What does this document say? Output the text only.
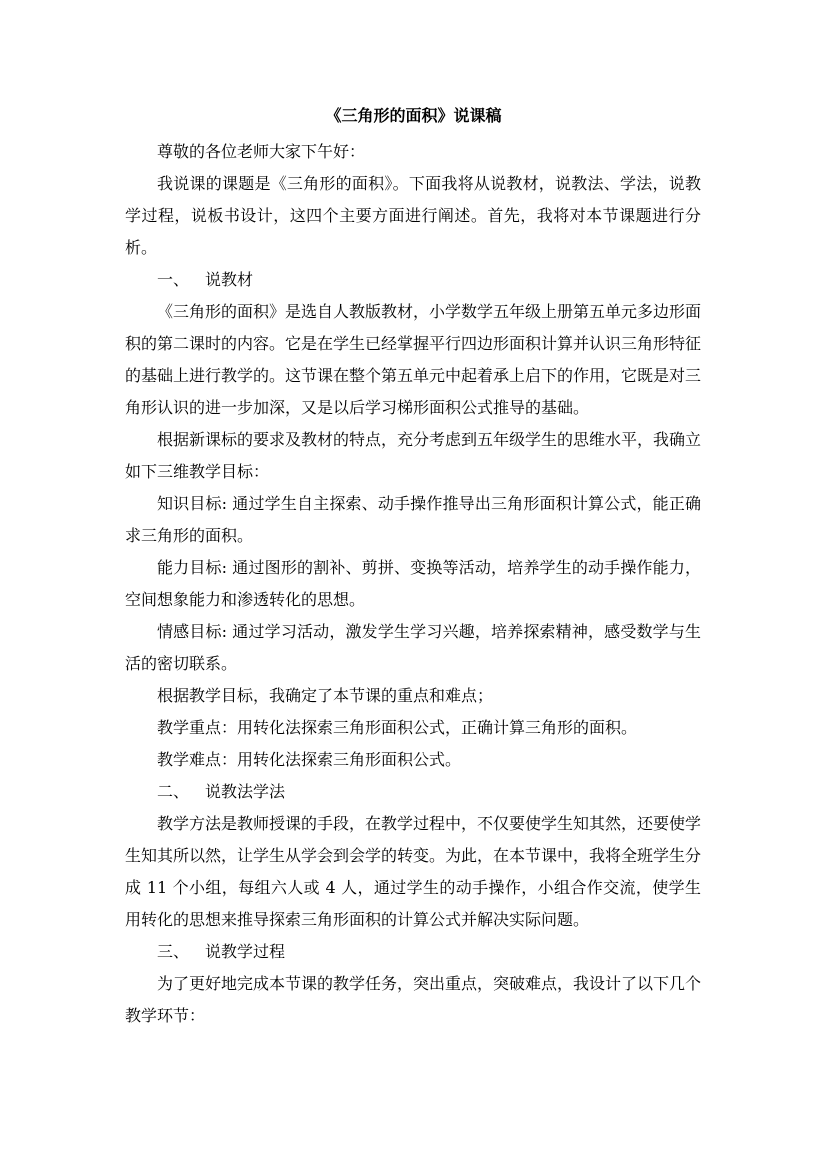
《三角形的面积》说课稿

尊敬的各位老师大家下午好：

我说课的课题是《三角形的面积》。下面我将从说教材，说教法、学法，说教学过程，说板书设计，这四个主要方面进行阐述。首先，我将对本节课题进行分析。

一、 说教材

《三角形的面积》是选自人教版教材，小学数学五年级上册第五单元多边形面积的第二课时的内容。它是在学生已经掌握平行四边形面积计算并认识三角形特征的基础上进行教学的。这节课在整个第五单元中起着承上启下的作用，它既是对三角形认识的进一步加深，又是以后学习梯形面积公式推导的基础。

根据新课标的要求及教材的特点，充分考虑到五年级学生的思维水平，我确立如下三维教学目标：

知识目标: 通过学生自主探索、动手操作推导出三角形面积计算公式，能正确求三角形的面积。

能力目标: 通过图形的割补、剪拼、变换等活动，培养学生的动手操作能力，空间想象能力和渗透转化的思想。

情感目标: 通过学习活动，激发学生学习兴趣，培养探索精神，感受数学与生活的密切联系。

根据教学目标，我确定了本节课的重点和难点；

教学重点：用转化法探索三角形面积公式，正确计算三角形的面积。

教学难点：用转化法探索三角形面积公式。

二、 说教法学法

教学方法是教师授课的手段，在教学过程中，不仅要使学生知其然，还要使学生知其所以然，让学生从学会到会学的转变。为此，在本节课中，我将全班学生分成 11 个小组，每组六人或 4 人，通过学生的动手操作，小组合作交流，使学生用转化的思想来推导探索三角形面积的计算公式并解决实际问题。

三、 说教学过程

为了更好地完成本节课的教学任务，突出重点，突破难点，我设计了以下几个教学环节：
